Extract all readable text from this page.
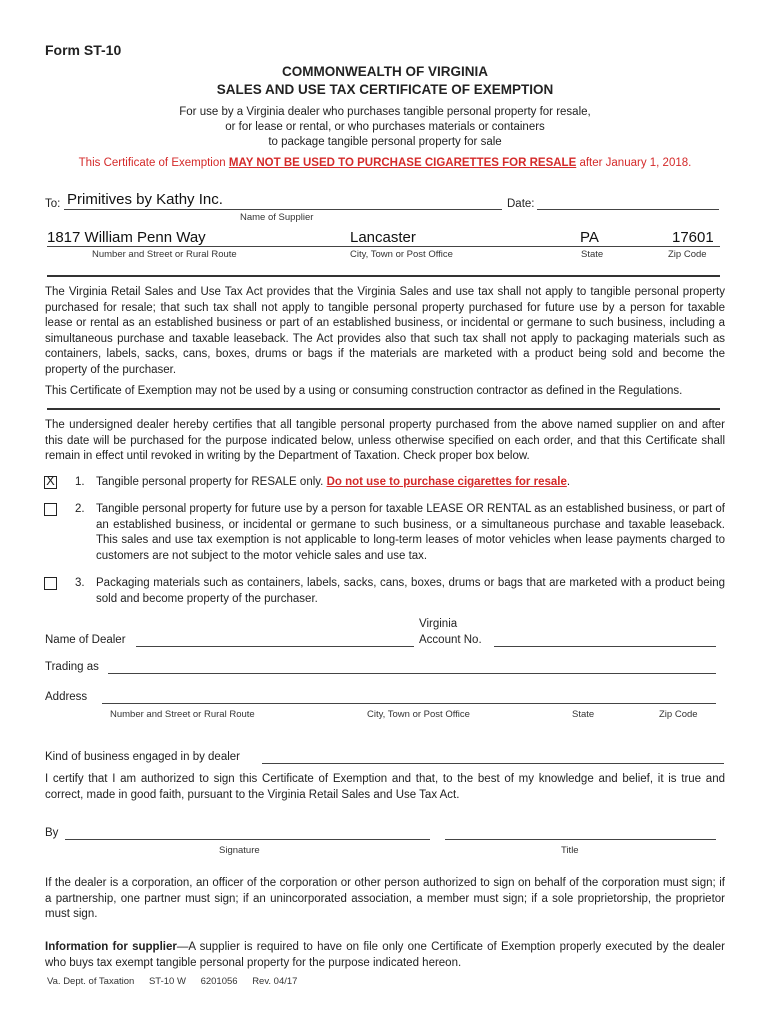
Form ST-10
COMMONWEALTH OF VIRGINIA
SALES AND USE TAX CERTIFICATE OF EXEMPTION
For use by a Virginia dealer who purchases tangible personal property for resale,
or for lease or rental, or who purchases materials or containers
to package tangible personal property for sale
This Certificate of Exemption MAY NOT BE USED TO PURCHASE CIGARETTES FOR RESALE after January 1, 2018.
To: Primitives by Kathy Inc.
Name of Supplier
Date:
1817 William Penn Way	Lancaster	PA	17601
Number and Street or Rural Route	City, Town or Post Office	State	Zip Code
The Virginia Retail Sales and Use Tax Act provides that the Virginia Sales and use tax shall not apply to tangible personal property purchased for resale; that such tax shall not apply to tangible personal property purchased for future use by a person for taxable lease or rental as an established business or part of an established business, or incidental or germane to such business, including a simultaneous purchase and taxable leaseback. The Act provides also that such tax shall not apply to packaging materials such as containers, labels, sacks, cans, boxes, drums or bags if the materials are marketed with a product being sold and become the property of the purchaser.
This Certificate of Exemption may not be used by a using or consuming construction contractor as defined in the Regulations.
The undersigned dealer hereby certifies that all tangible personal property purchased from the above named supplier on and after this date will be purchased for the purpose indicated below, unless otherwise specified on each order, and that this Certificate shall remain in effect until revoked in writing by the Department of Taxation. Check proper box below.
X 1. Tangible personal property for RESALE only. Do not use to purchase cigarettes for resale.
2. Tangible personal property for future use by a person for taxable LEASE OR RENTAL as an established business, or part of an established business, or incidental or germane to such business, or a simultaneous purchase and taxable leaseback. This sales and use tax exemption is not applicable to long-term leases of motor vehicles when lease payments charged to customers are not subject to the motor vehicle sales and use tax.
3. Packaging materials such as containers, labels, sacks, cans, boxes, drums or bags that are marketed with a product being sold and become property of the purchaser.
Name of Dealer
Virginia
Account No.
Trading as
Address
Number and Street or Rural Route	City, Town or Post Office	State	Zip Code
Kind of business engaged in by dealer
I certify that I am authorized to sign this Certificate of Exemption and that, to the best of my knowledge and belief, it is true and correct, made in good faith, pursuant to the Virginia Retail Sales and Use Tax Act.
By
Signature	Title
If the dealer is a corporation, an officer of the corporation or other person authorized to sign on behalf of the corporation must sign; if a partnership, one partner must sign; if an unincorporated association, a member must sign; if a sole proprietorship, the proprietor must sign.
Information for supplier—A supplier is required to have on file only one Certificate of Exemption properly executed by the dealer who buys tax exempt tangible personal property for the purpose indicated hereon.
Va. Dept. of Taxation ST-10 W 6201056 Rev. 04/17
